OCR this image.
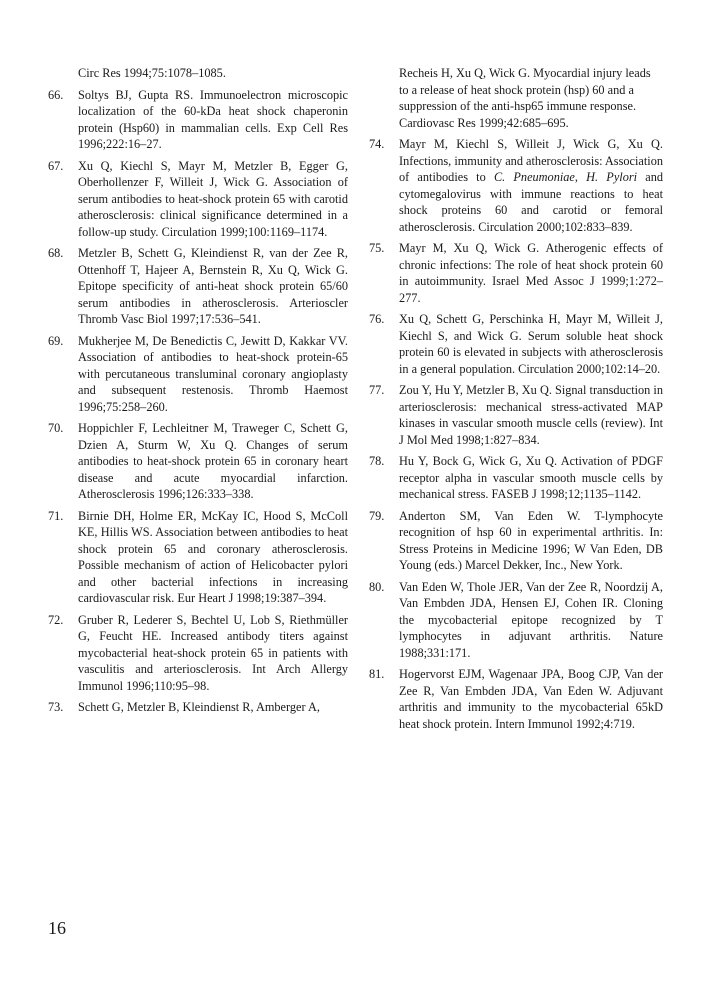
Circ Res 1994;75:1078–1085.
66. Soltys BJ, Gupta RS. Immunoelectron microscopic localization of the 60-kDa heat shock chaperonin protein (Hsp60) in mammalian cells. Exp Cell Res 1996;222:16–27.
67. Xu Q, Kiechl S, Mayr M, Metzler B, Egger G, Oberhollenzer F, Willeit J, Wick G. Association of serum antibodies to heat-shock protein 65 with carotid atherosclerosis: clinical significance determined in a follow-up study. Circulation 1999;100:1169–1174.
68. Metzler B, Schett G, Kleindienst R, van der Zee R, Ottenhoff T, Hajeer A, Bernstein R, Xu Q, Wick G. Epitope specificity of anti-heat shock protein 65/60 serum antibodies in atherosclerosis. Arterioscler Thromb Vasc Biol 1997;17:536–541.
69. Mukherjee M, De Benedictis C, Jewitt D, Kakkar VV. Association of antibodies to heat-shock protein-65 with percutaneous transluminal coronary angioplasty and subsequent restenosis. Thromb Haemost 1996;75:258–260.
70. Hoppichler F, Lechleitner M, Traweger C, Schett G, Dzien A, Sturm W, Xu Q. Changes of serum antibodies to heat-shock protein 65 in coronary heart disease and acute myocardial infarction. Atherosclerosis 1996;126:333–338.
71. Birnie DH, Holme ER, McKay IC, Hood S, McColl KE, Hillis WS. Association between antibodies to heat shock protein 65 and coronary atherosclerosis. Possible mechanism of action of Helicobacter pylori and other bacterial infections in increasing cardiovascular risk. Eur Heart J 1998;19:387–394.
72. Gruber R, Lederer S, Bechtel U, Lob S, Riethmüller G, Feucht HE. Increased antibody titers against mycobacterial heat-shock protein 65 in patients with vasculitis and arteriosclerosis. Int Arch Allergy Immunol 1996;110:95–98.
73. Schett G, Metzler B, Kleindienst R, Amberger A,
Recheis H, Xu Q, Wick G. Myocardial injury leads to a release of heat shock protein (hsp) 60 and a suppression of the anti-hsp65 immune response. Cardiovasc Res 1999;42:685–695.
74. Mayr M, Kiechl S, Willeit J, Wick G, Xu Q. Infections, immunity and atherosclerosis: Association of antibodies to C. Pneumoniae, H. Pylori and cytomegalovirus with immune reactions to heat shock proteins 60 and carotid or femoral atherosclerosis. Circulation 2000;102:833–839.
75. Mayr M, Xu Q, Wick G. Atherogenic effects of chronic infections: The role of heat shock protein 60 in autoimmunity. Israel Med Assoc J 1999;1:272–277.
76. Xu Q, Schett G, Perschinka H, Mayr M, Willeit J, Kiechl S, and Wick G. Serum soluble heat shock protein 60 is elevated in subjects with atherosclerosis in a general population. Circulation 2000;102:14–20.
77. Zou Y, Hu Y, Metzler B, Xu Q. Signal transduction in arteriosclerosis: mechanical stress-activated MAP kinases in vascular smooth muscle cells (review). Int J Mol Med 1998;1:827–834.
78. Hu Y, Bock G, Wick G, Xu Q. Activation of PDGF receptor alpha in vascular smooth muscle cells by mechanical stress. FASEB J 1998;12;1135–1142.
79. Anderton SM, Van Eden W. T-lymphocyte recognition of hsp 60 in experimental arthritis. In: Stress Proteins in Medicine 1996; W Van Eden, DB Young (eds.) Marcel Dekker, Inc., New York.
80. Van Eden W, Thole JER, Van der Zee R, Noordzij A, Van Embden JDA, Hensen EJ, Cohen IR. Cloning the mycobacterial epitope recognized by T lymphocytes in adjuvant arthritis. Nature 1988;331:171.
81. Hogervorst EJM, Wagenaar JPA, Boog CJP, Van der Zee R, Van Embden JDA, Van Eden W. Adjuvant arthritis and immunity to the mycobacterial 65kD heat shock protein. Intern Immunol 1992;4:719.
16
